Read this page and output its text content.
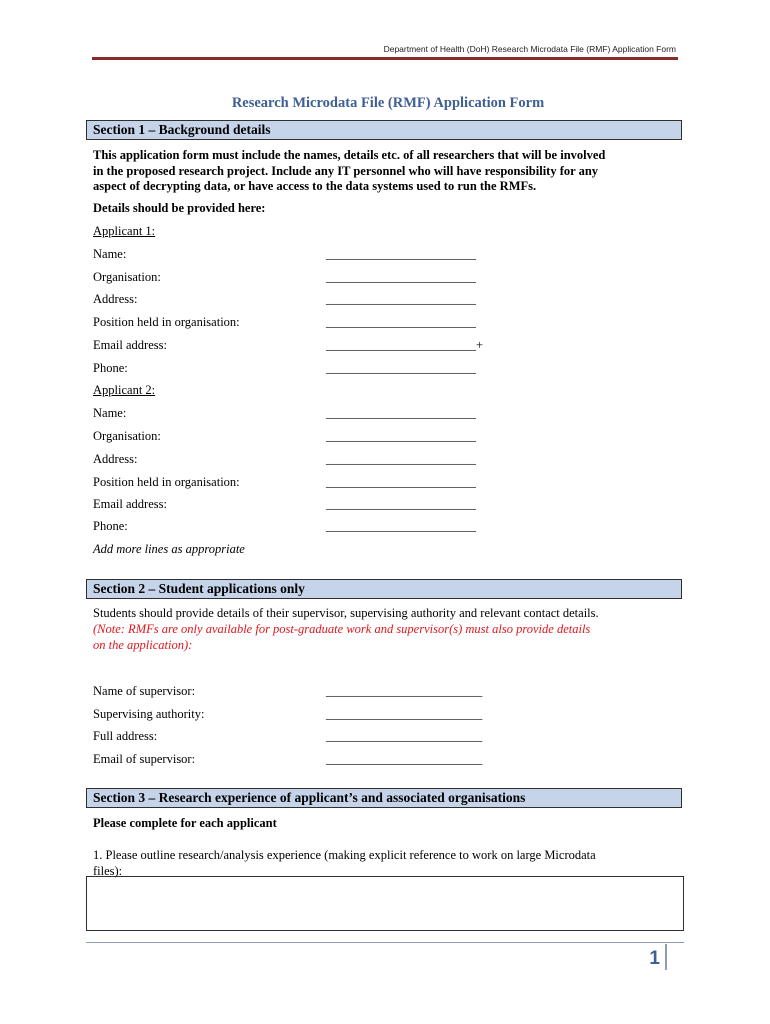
Department of Health (DoH) Research Microdata File (RMF) Application Form
Research Microdata File (RMF) Application Form
Section 1 – Background details
This application form must include the names, details etc. of all researchers that will be involved
in the proposed research project. Include any IT personnel who will have responsibility for any
aspect of decrypting data, or have access to the data systems used to run the RMFs.
Details should be provided here:
Applicant 1:
Name:	________________________
Organisation:	________________________
Address:	________________________
Position held in organisation:	________________________
Email address:	________________________+
Phone:	________________________
Applicant 2:
Name:	________________________
Organisation:	________________________
Address:	________________________
Position held in organisation:	________________________
Email address:	________________________
Phone:	________________________
Add more lines as appropriate
Section 2 – Student applications only
Students should provide details of their supervisor, supervising authority and relevant contact details.
(Note: RMFs are only available for post-graduate work and supervisor(s) must also provide details
on the application):
Name of supervisor:	_________________________
Supervising authority:	_________________________
Full address:	_________________________
Email of supervisor:	_________________________
Section 3 – Research experience of applicant’s and associated organisations
Please complete for each applicant
1. Please outline research/analysis experience (making explicit reference to work on large Microdata
files):
1
